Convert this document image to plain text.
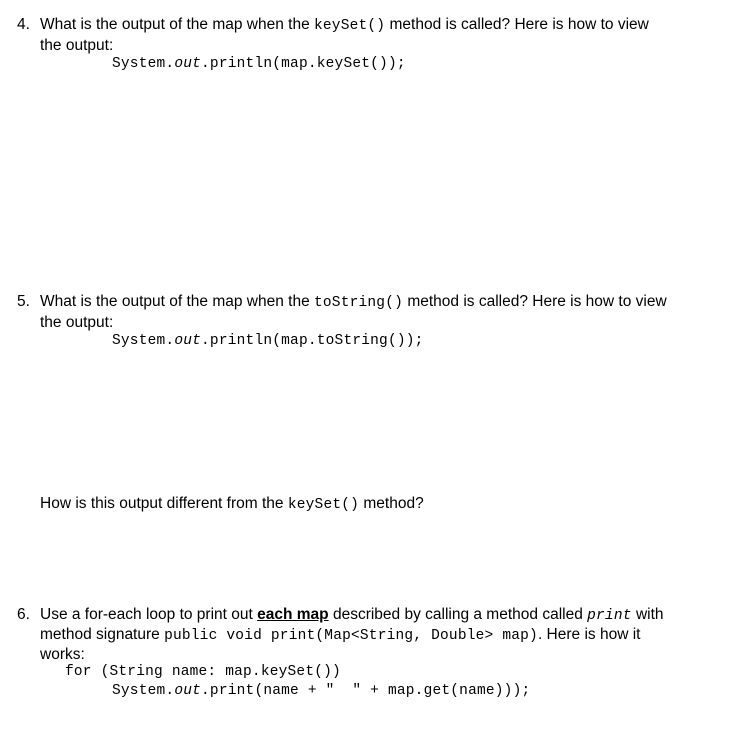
4. What is the output of the map when the keySet() method is called? Here is how to view
the output:
System.out.println(map.keySet());
5. What is the output of the map when the toString() method is called? Here is how to view
the output:
System.out.println(map.toString());
How is this output different from the keySet() method?
6. Use a for-each loop to print out each map described by calling a method called print with
method signature public void print(Map<String, Double> map). Here is how it
works:
for (String name: map.keySet())
System.out.print(name + "  " + map.get(name)));
